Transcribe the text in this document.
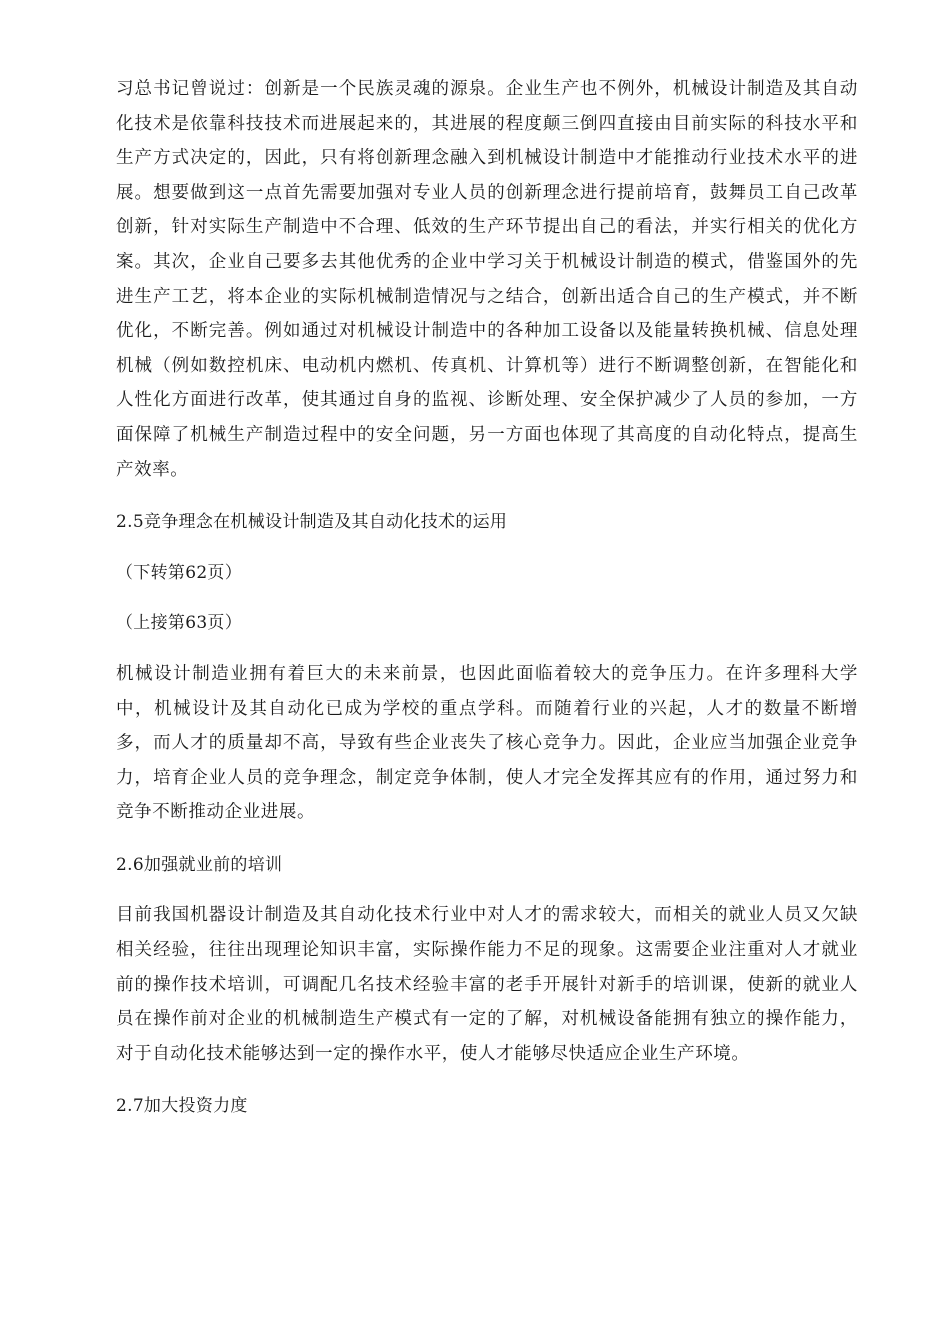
习总书记曾说过：创新是一个民族灵魂的源泉。企业生产也不例外，机械设计制造及其自动化技术是依靠科技技术而进展起来的，其进展的程度颠三倒四直接由目前实际的科技水平和生产方式决定的，因此，只有将创新理念融入到机械设计制造中才能推动行业技术水平的进展。想要做到这一点首先需要加强对专业人员的创新理念进行提前培育，鼓舞员工自己改革创新，针对实际生产制造中不合理、低效的生产环节提出自己的看法，并实行相关的优化方案。其次，企业自己要多去其他优秀的企业中学习关于机械设计制造的模式，借鉴国外的先进生产工艺，将本企业的实际机械制造情况与之结合，创新出适合自己的生产模式，并不断优化，不断完善。例如通过对机械设计制造中的各种加工设备以及能量转换机械、信息处理机械（例如数控机床、电动机内燃机、传真机、计算机等）进行不断调整创新，在智能化和人性化方面进行改革，使其通过自身的监视、诊断处理、安全保护减少了人员的参加，一方面保障了机械生产制造过程中的安全问题，另一方面也体现了其高度的自动化特点，提高生产效率。

2.5竞争理念在机械设计制造及其自动化技术的运用

（下转第62页）

（上接第63页）

机械设计制造业拥有着巨大的未来前景，也因此面临着较大的竞争压力。在许多理科大学中，机械设计及其自动化已成为学校的重点学科。而随着行业的兴起，人才的数量不断增多，而人才的质量却不高，导致有些企业丧失了核心竞争力。因此，企业应当加强企业竞争力，培育企业人员的竞争理念，制定竞争体制，使人才完全发挥其应有的作用，通过努力和竞争不断推动企业进展。

2.6加强就业前的培训

目前我国机器设计制造及其自动化技术行业中对人才的需求较大，而相关的就业人员又欠缺相关经验，往往出现理论知识丰富，实际操作能力不足的现象。这需要企业注重对人才就业前的操作技术培训，可调配几名技术经验丰富的老手开展针对新手的培训课，使新的就业人员在操作前对企业的机械制造生产模式有一定的了解，对机械设备能拥有独立的操作能力，对于自动化技术能够达到一定的操作水平，使人才能够尽快适应企业生产环境。

2.7加大投资力度
